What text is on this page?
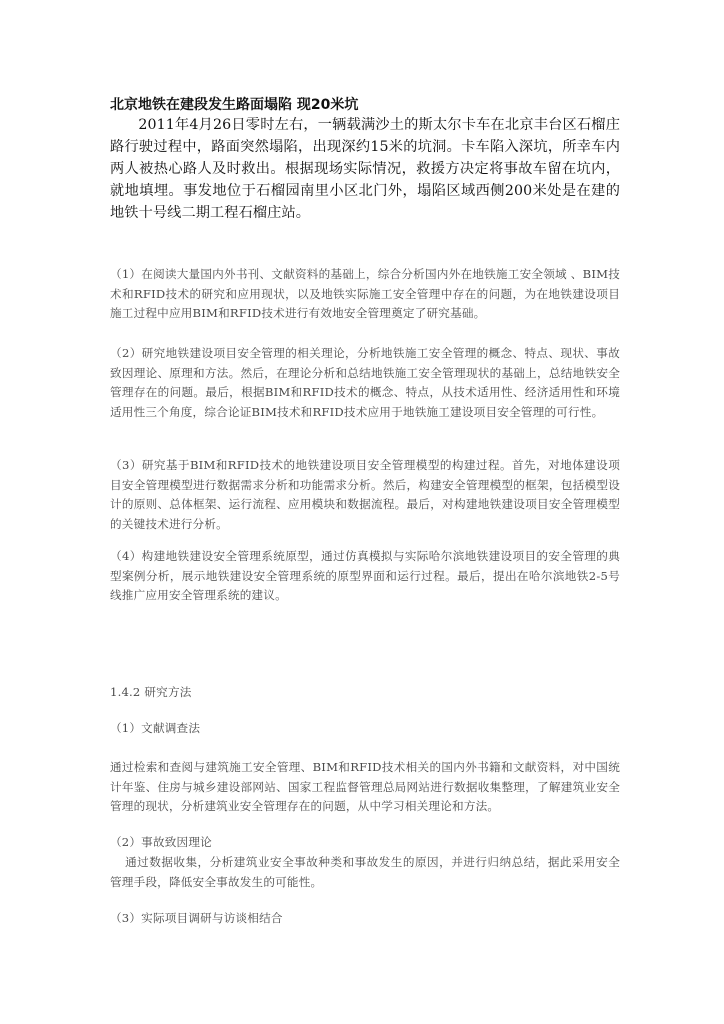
北京地铁在建段发生路面塌陷 现20米坑

2011年4月26日零时左右，一辆载满沙土的斯太尔卡车在北京丰台区石榴庄路行驶过程中，路面突然塌陷，出现深约15米的坑洞。卡车陷入深坑，所幸车内两人被热心路人及时救出。根据现场实际情况，救援方决定将事故车留在坑内，就地填埋。事发地位于石榴园南里小区北门外，塌陷区域西侧200米处是在建的地铁十号线二期工程石榴庄站。

（1）在阅读大量国内外书刊、文献资料的基础上，综合分析国内外在地铁施工安全领域 、BIM技术和RFID技术的研究和应用现状，以及地铁实际施工安全管理中存在的问题，为在地铁建设项目施工过程中应用BIM和RFID技术进行有效地安全管理奠定了研究基础。

（2）研究地铁建设项目安全管理的相关理论，分析地铁施工安全管理的概念、特点、现状、事故致因理论、原理和方法。然后，在理论分析和总结地铁施工安全管理现状的基础上，总结地铁安全管理存在的问题。最后，根据BIM和RFID技术的概念、特点，从技术适用性、经济适用性和环境适用性三个角度，综合论证BIM技术和RFID技术应用于地铁施工建设项目安全管理的可行性。

（3）研究基于BIM和RFID技术的地铁建设项目安全管理模型的构建过程。首先，对地体建设项目安全管理模型进行数据需求分析和功能需求分析。然后，构建安全管理模型的框架，包括模型设计的原则、总体框架、运行流程、应用模块和数据流程。最后，对构建地铁建设项目安全管理模型的关键技术进行分析。

（4）构建地铁建设安全管理系统原型，通过仿真模拟与实际哈尔滨地铁建设项目的安全管理的典型案例分析，展示地铁建设安全管理系统的原型界面和运行过程。最后，提出在哈尔滨地铁2-5号线推广应用安全管理系统的建议。

1.4.2 研究方法

（1）文献调查法

通过检索和查阅与建筑施工安全管理、BIM和RFID技术相关的国内外书籍和文献资料，对中国统计年鉴、住房与城乡建设部网站、国家工程监督管理总局网站进行数据收集整理，了解建筑业安全管理的现状，分析建筑业安全管理存在的问题，从中学习相关理论和方法。

（2）事故致因理论

通过数据收集，分析建筑业安全事故种类和事故发生的原因，并进行归纳总结，据此采用安全管理手段，降低安全事故发生的可能性。

（3）实际项目调研与访谈相结合
